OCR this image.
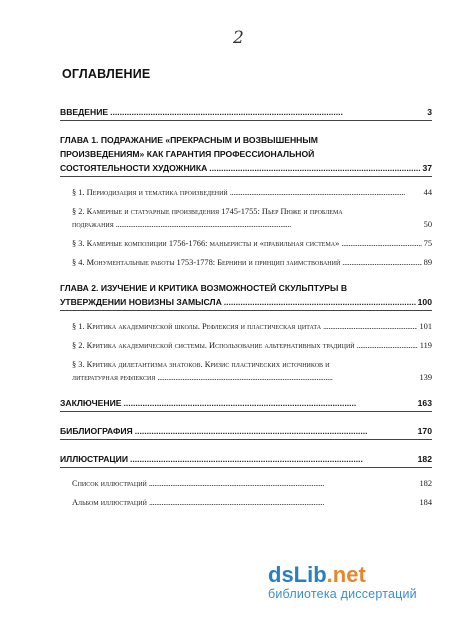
2
ОГЛАВЛЕНИЕ
ВВЕДЕНИЕ . . .	3
ГЛАВА 1. ПОДРАЖАНИЕ «ПРЕКРАСНЫМ И ВОЗВЫШЕННЫМ
ПРОИЗВЕДЕНИЯМ» КАК ГАРАНТИЯ ПРОФЕССИОНАЛЬНОЙ
СОСТОЯТЕЛЬНОСТИ ХУДОЖНИКА . . .	37
§ 1. Периодизация и тематика произведений . . .	44
§ 2. Камерные и статуарные произведения 1745-1755: Пьер Пюже и проблема
подражания . . .	50
§ 3. Камерные композиции 1756-1766: маньеристы и «правильная система» . . .	75
§ 4. Монументальные работы 1753-1778: Бернини и принцип заимствований . . .	89
ГЛАВА 2. ИЗУЧЕНИЕ И КРИТИКА ВОЗМОЖНОСТЕЙ СКУЛЬПТУРЫ В
УТВЕРЖДЕНИИ НОВИЗНЫ ЗАМЫСЛА . . .	100
§ 1. Критика академической школы. Рефлексия и пластическая цитата . . .	101
§ 2. Критика академической системы. Использование альтернативных традиций . . .	119
§ 3. Критика дилетантизма знатоков. Кризис пластических источников и
литературная рефлексия . . .	139
ЗАКЛЮЧЕНИЕ . . .	163
БИБЛИОГРАФИЯ . . .	170
ИЛЛЮСТРАЦИИ . . .	182
Список иллюстраций . . .	182
Альбом иллюстраций . . .	184
dsLib.net
библиотека диссертаций
